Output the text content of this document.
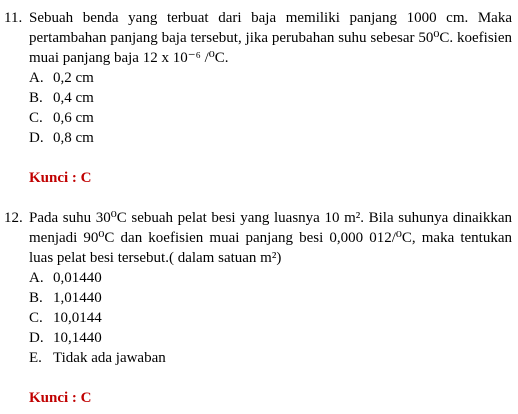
11. Sebuah benda yang terbuat dari baja memiliki panjang 1000 cm. Maka pertambahan panjang baja tersebut, jika perubahan suhu sebesar 50⁰C. koefisien muai panjang baja 12 x 10⁻⁶ /⁰C.
A. 0,2 cm
B. 0,4 cm
C. 0,6 cm
D. 0,8 cm
Kunci : C
12. Pada suhu 30⁰C sebuah pelat besi yang luasnya 10 m². Bila suhunya dinaikkan menjadi 90⁰C dan koefisien muai panjang besi 0,000 012/⁰C, maka tentukan luas pelat besi tersebut.( dalam satuan m²)
A. 0,01440
B. 1,01440
C. 10,0144
D. 10,1440
E. Tidak ada jawaban
Kunci : C
